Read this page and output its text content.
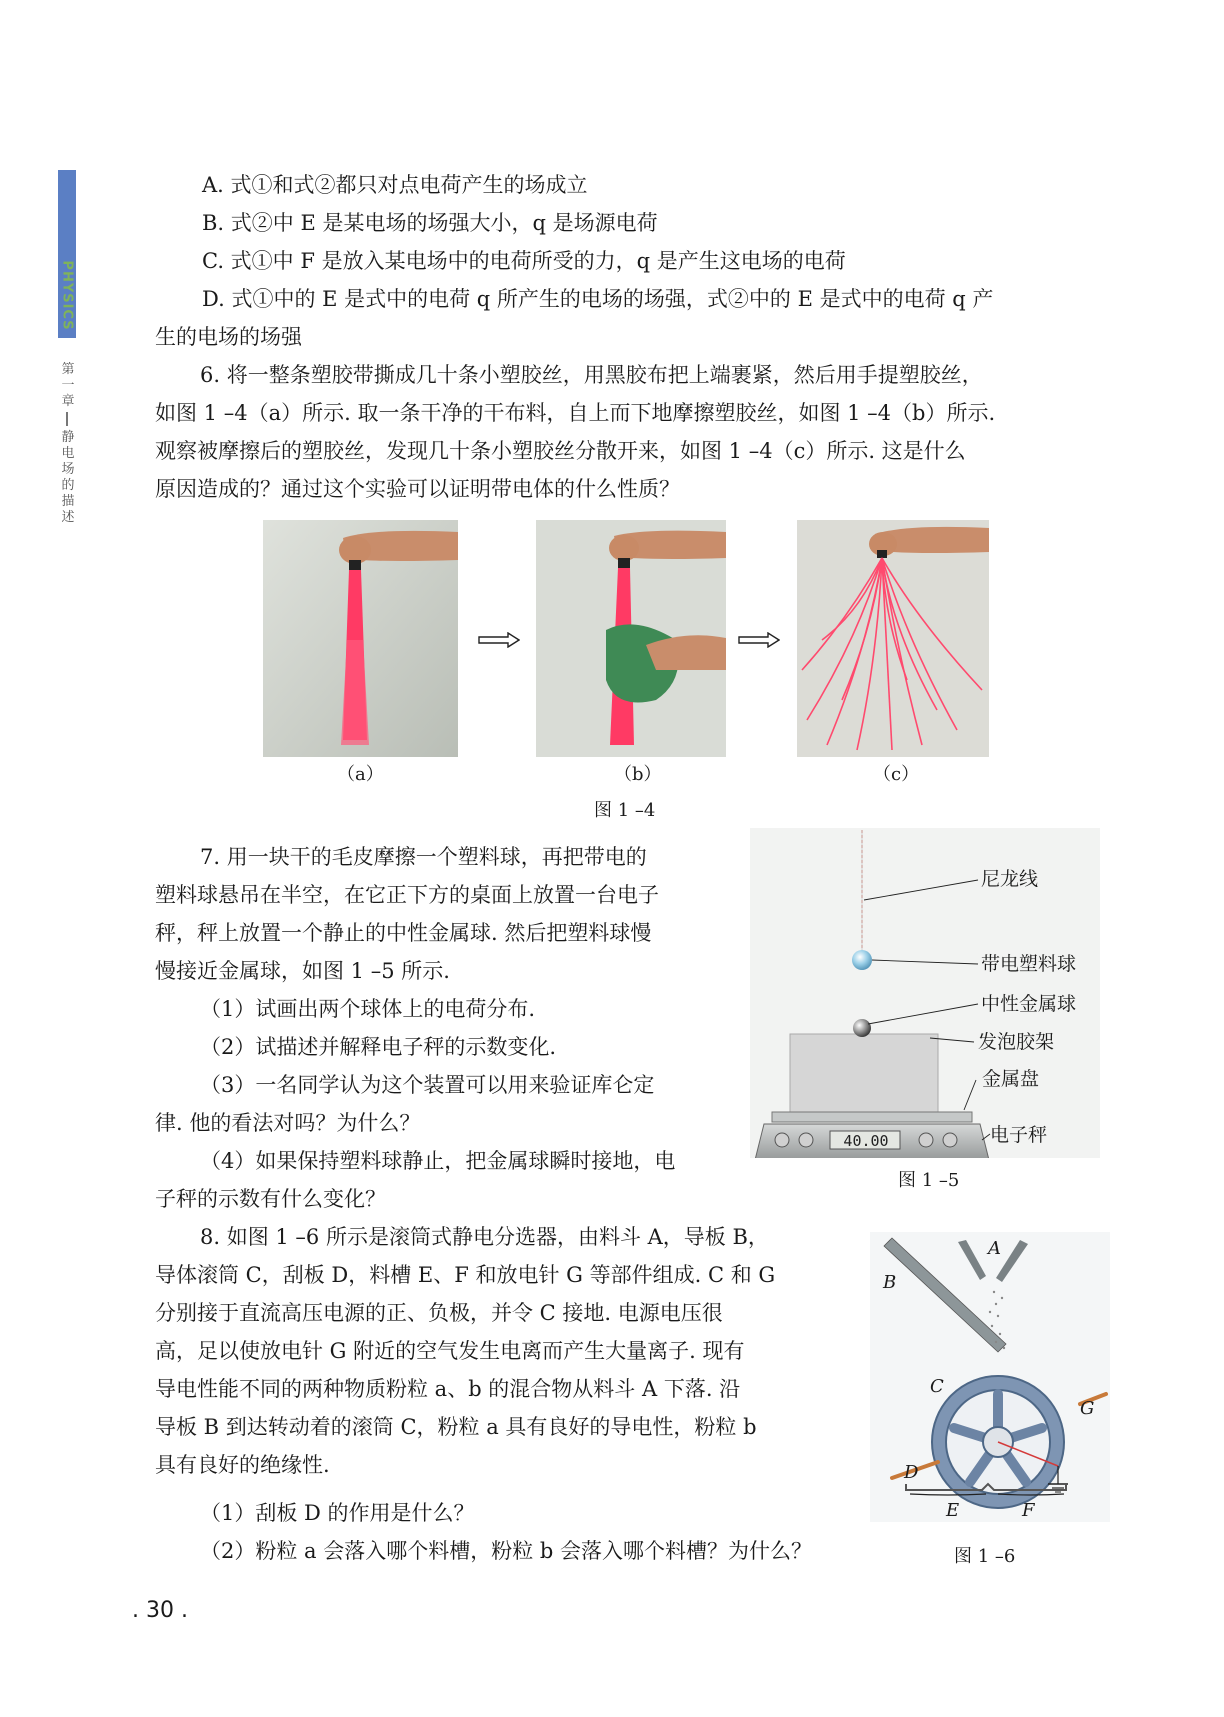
PHYSICS
第一章
静电场的描述
A. 式①和式②都只对点电荷产生的场成立
B. 式②中 E 是某电场的场强大小，q 是场源电荷
C. 式①中 F 是放入某电场中的电荷所受的力，q 是产生这电场的电荷
D. 式①中的 E 是式中的电荷 q 所产生的电场的场强，式②中的 E 是式中的电荷 q 产
生的电场的场强
6. 将一整条塑胶带撕成几十条小塑胶丝，用黑胶布把上端裹紧，然后用手提塑胶丝，
如图 1 –4（a）所示. 取一条干净的干布料，自上而下地摩擦塑胶丝，如图 1 –4（b）所示.
观察被摩擦后的塑胶丝，发现几十条小塑胶丝分散开来，如图 1 –4（c）所示. 这是什么
原因造成的？通过这个实验可以证明带电体的什么性质？
（a）	（b）	（c）
图 1 –4
7. 用一块干的毛皮摩擦一个塑料球，再把带电的
塑料球悬吊在半空，在它正下方的桌面上放置一台电子
秤，秤上放置一个静止的中性金属球. 然后把塑料球慢
慢接近金属球，如图 1 –5 所示.
（1）试画出两个球体上的电荷分布.
（2）试描述并解释电子秤的示数变化.
（3）一名同学认为这个装置可以用来验证库仑定
律. 他的看法对吗？为什么？
（4）如果保持塑料球静止，把金属球瞬时接地，电
子秤的示数有什么变化？
40.00
尼龙线
带电塑料球
中性金属球
发泡胶架
金属盘
电子秤
图 1 –5
8. 如图 1 –6 所示是滚筒式静电分选器，由料斗 A，导板 B，
导体滚筒 C，刮板 D，料槽 E、F 和放电针 G 等部件组成. C 和 G
分别接于直流高压电源的正、负极，并令 C 接地. 电源电压很
高，足以使放电针 G 附近的空气发生电离而产生大量离子. 现有
导电性能不同的两种物质粉粒 a、b 的混合物从料斗 A 下落. 沿
导板 B 到达转动着的滚筒 C，粉粒 a 具有良好的导电性，粉粒 b
具有良好的绝缘性.
（1）刮板 D 的作用是什么？
（2）粉粒 a 会落入哪个料槽，粉粒 b 会落入哪个料槽？为什么？
A
B
C
G
D
E	F
图 1 –6
. 30 .
